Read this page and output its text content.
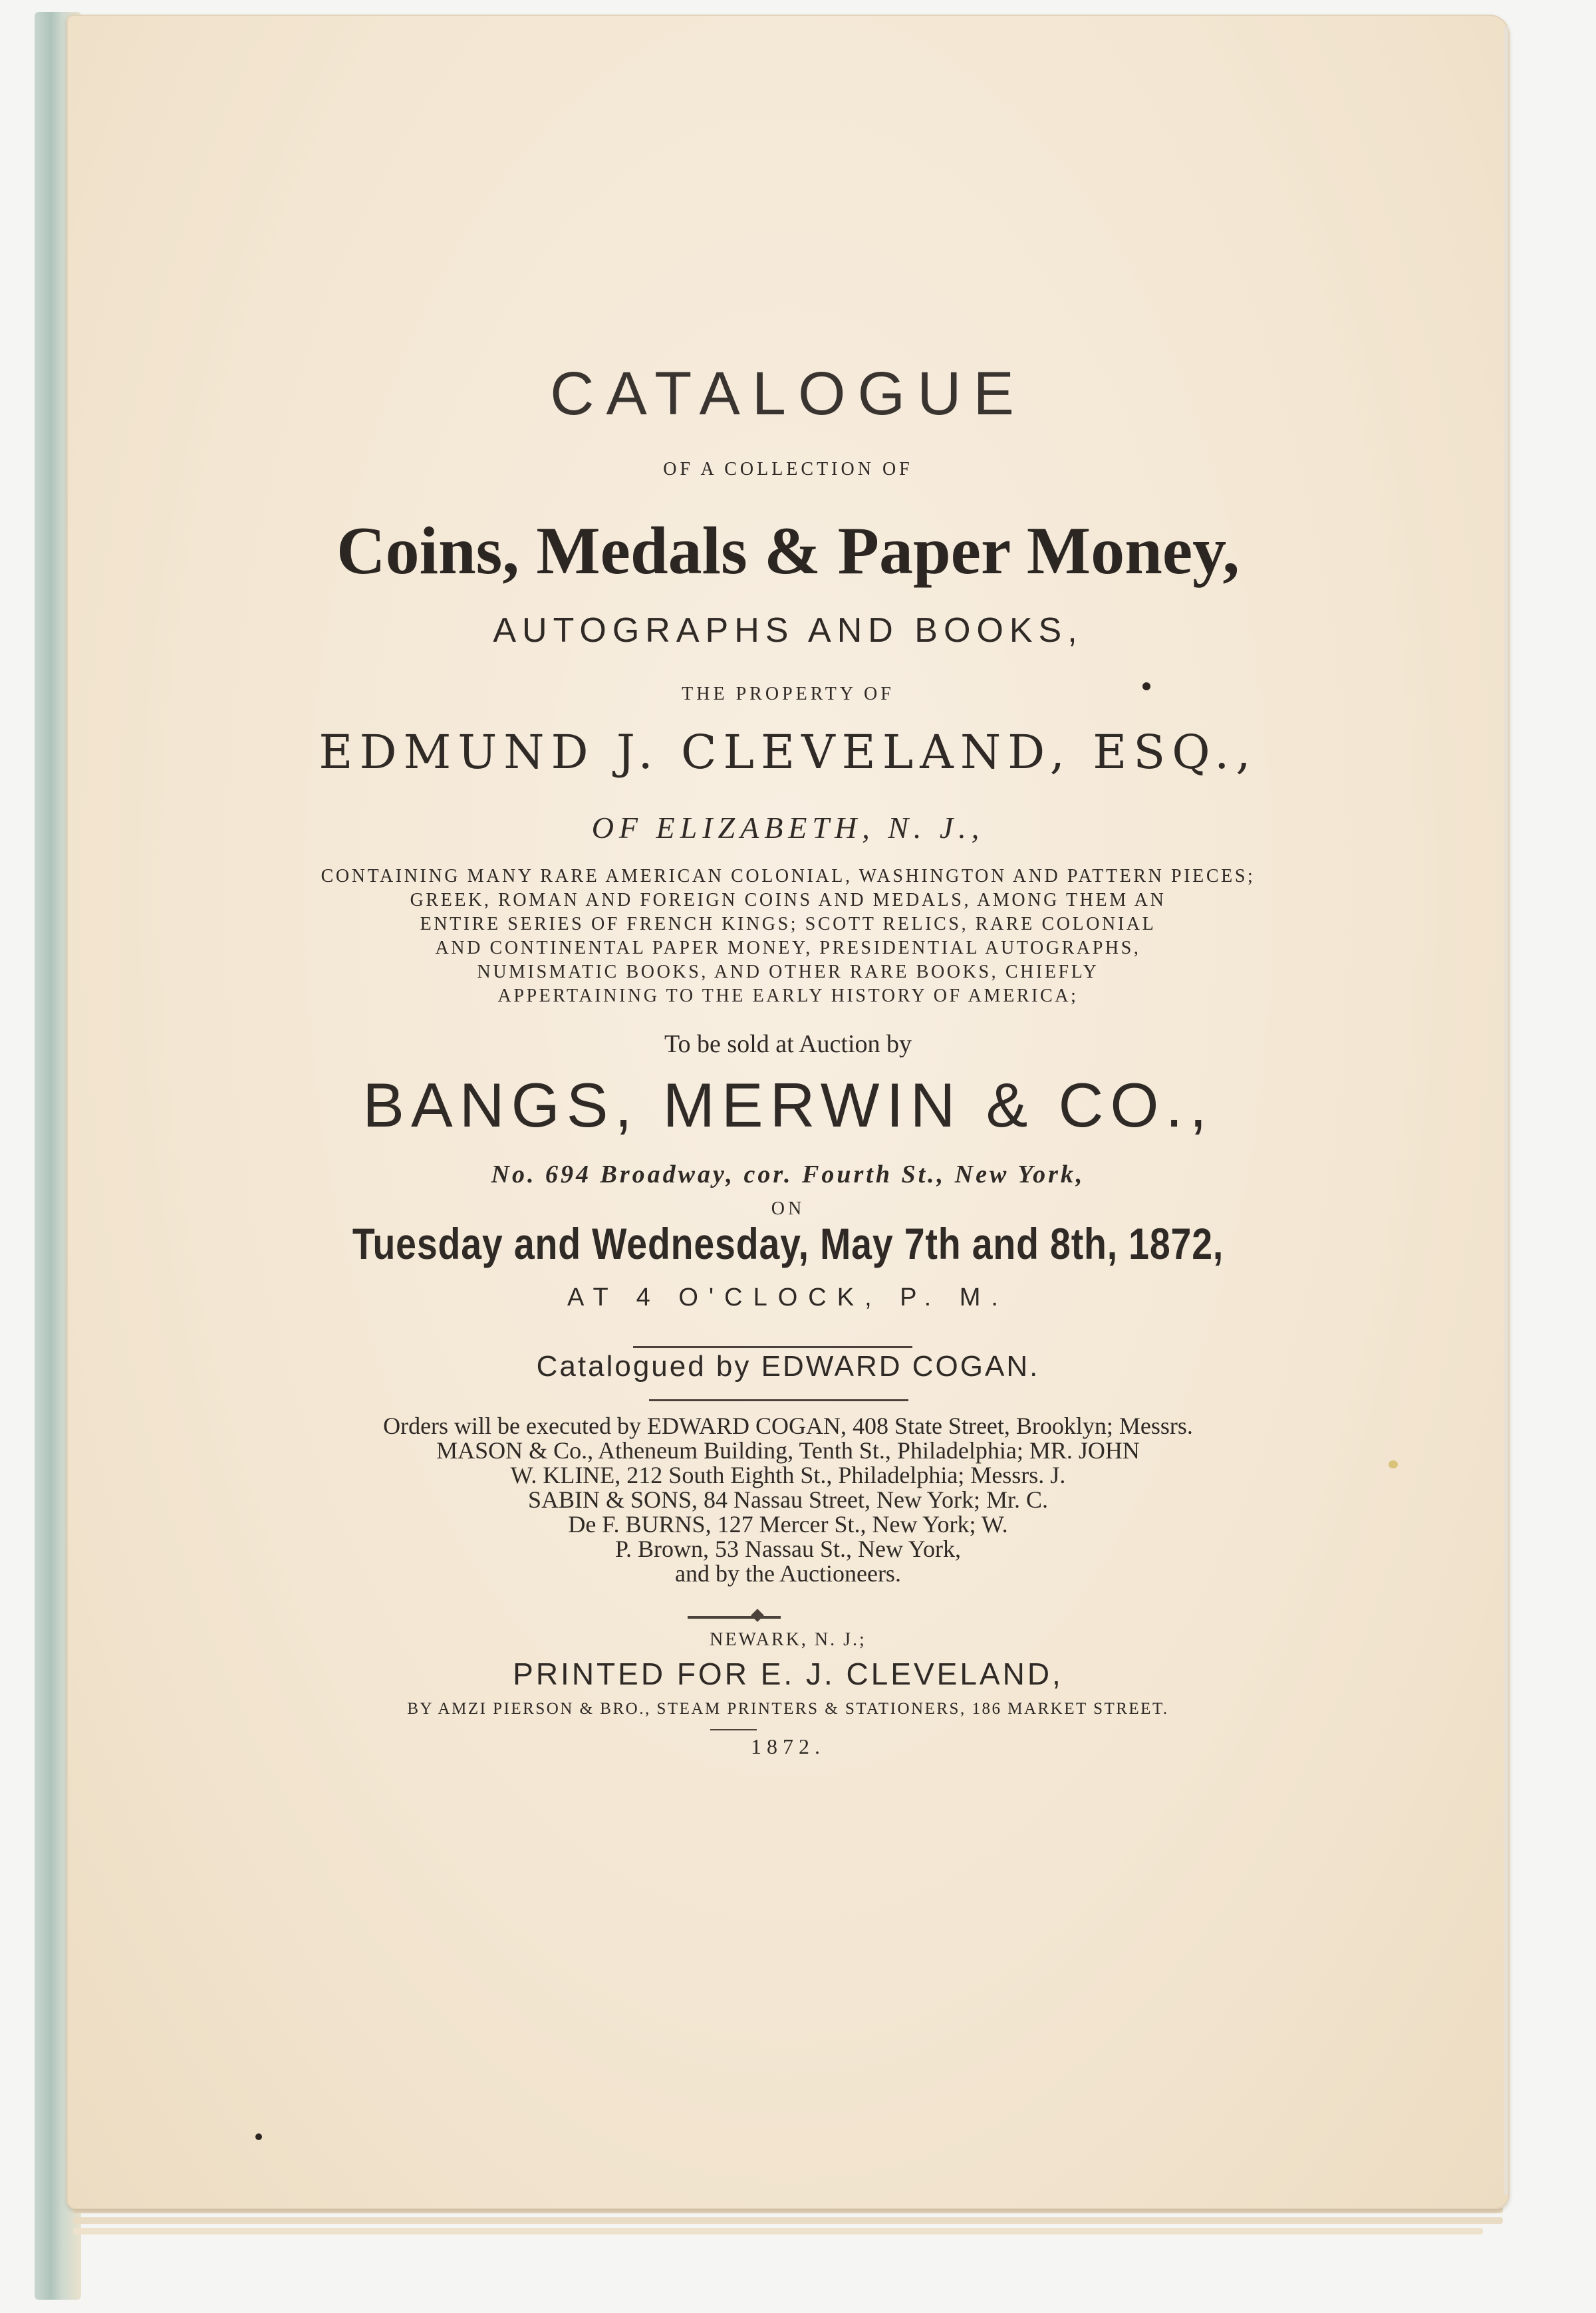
CATALOGUE
OF A COLLECTION OF
Coins, Medals & Paper Money,
AUTOGRAPHS AND BOOKS,
THE PROPERTY OF
EDMUND J. CLEVELAND, ESQ.,
OF ELIZABETH, N. J.,
CONTAINING MANY RARE AMERICAN COLONIAL, WASHINGTON AND PATTERN PIECES;
GREEK, ROMAN AND FOREIGN COINS AND MEDALS, AMONG THEM AN
ENTIRE SERIES OF FRENCH KINGS; SCOTT RELICS, RARE COLONIAL
AND CONTINENTAL PAPER MONEY, PRESIDENTIAL AUTOGRAPHS,
NUMISMATIC BOOKS, AND OTHER RARE BOOKS, CHIEFLY
APPERTAINING TO THE EARLY HISTORY OF AMERICA;
To be sold at Auction by
BANGS, MERWIN & CO.,
No. 694 Broadway, cor. Fourth St., New York,
ON
Tuesday and Wednesday, May 7th and 8th, 1872,
AT 4 O'CLOCK, P. M.
Catalogued by EDWARD COGAN.
Orders will be executed by EDWARD COGAN, 408 State Street, Brooklyn; Messrs.
MASON & Co., Atheneum Building, Tenth St., Philadelphia; MR. JOHN
W. KLINE, 212 South Eighth St., Philadelphia; Messrs. J.
SABIN & SONS, 84 Nassau Street, New York; Mr. C.
De F. BURNS, 127 Mercer St., New York; W.
P. Brown, 53 Nassau St., New York,
and by the Auctioneers.
NEWARK, N. J.;
PRINTED FOR E. J. CLEVELAND,
BY AMZI PIERSON & BRO., STEAM PRINTERS & STATIONERS, 186 MARKET STREET.
1872.
